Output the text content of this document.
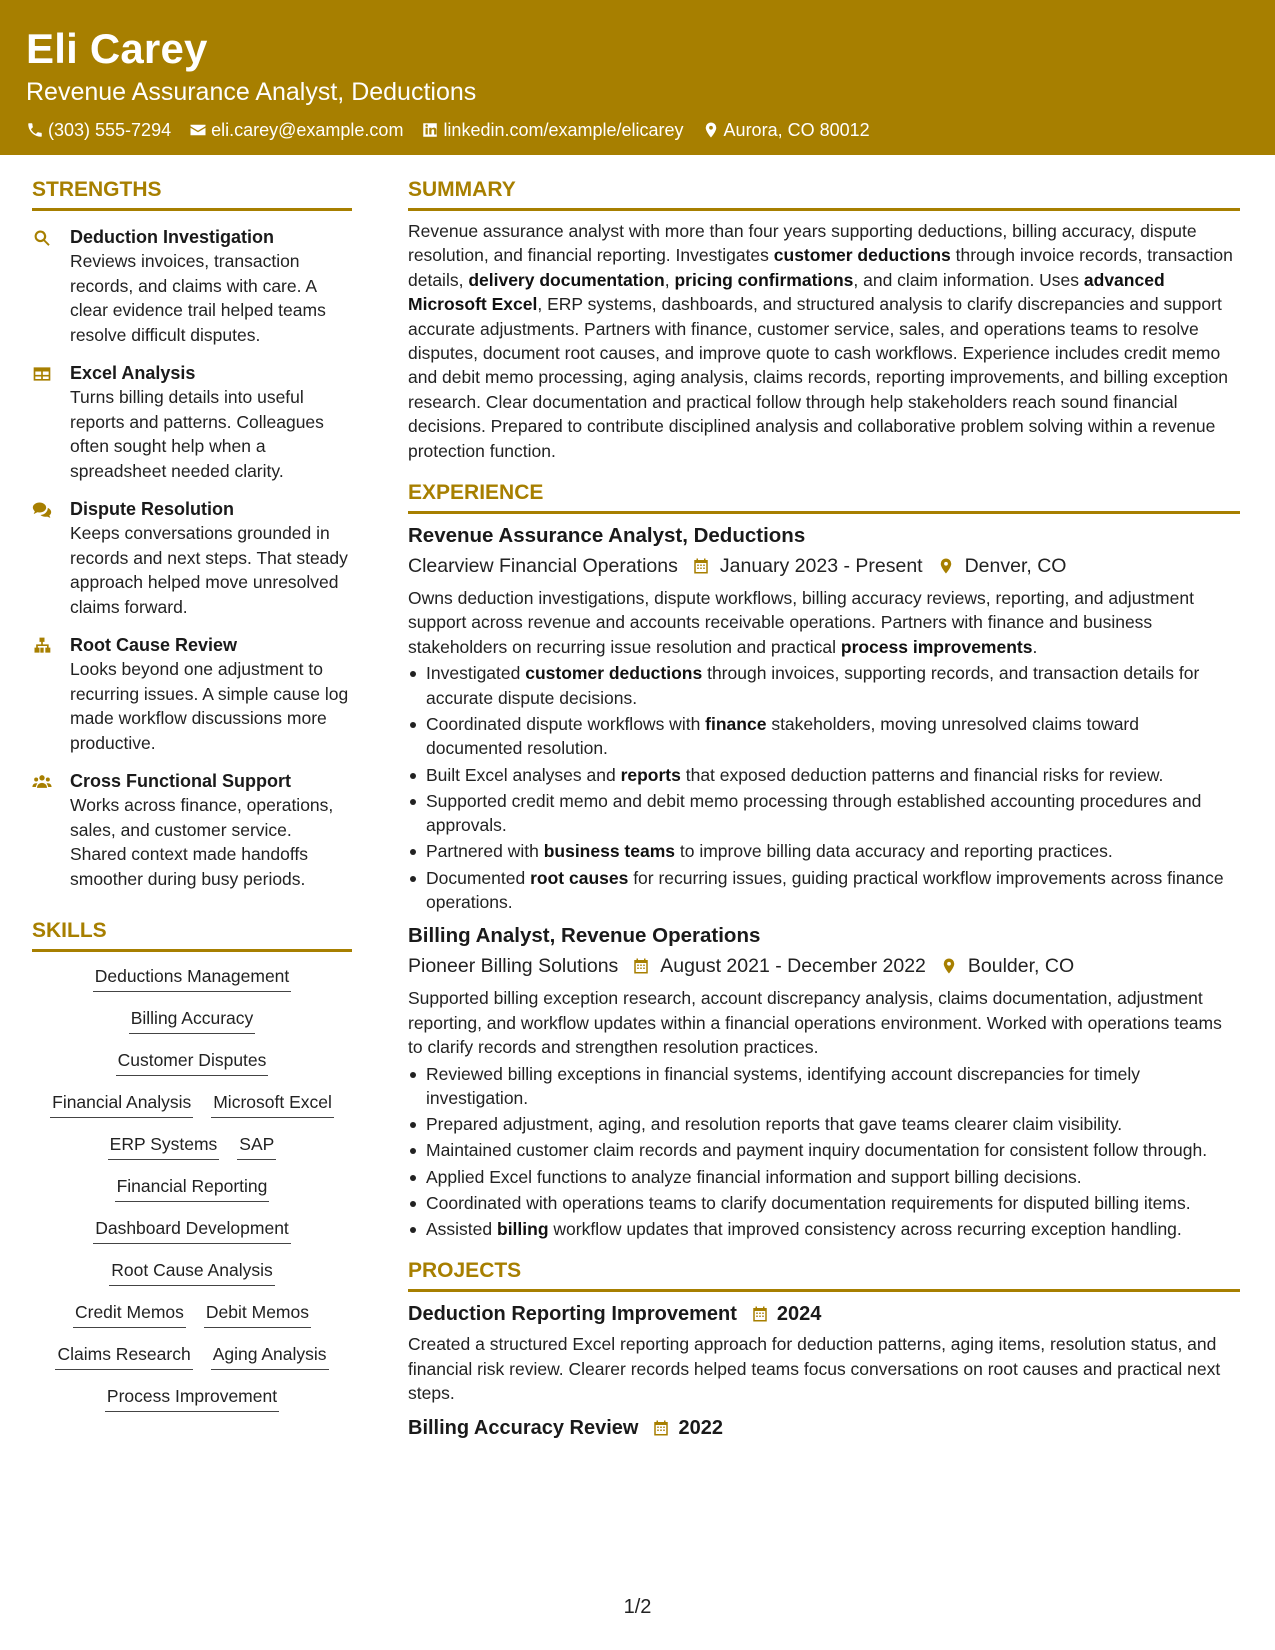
Eli Carey
Revenue Assurance Analyst, Deductions
(303) 555-7294 eli.carey@example.com linkedin.com/example/elicarey Aurora, CO 80012
STRENGTHS
Deduction Investigation
Reviews invoices, transaction records, and claims with care. A clear evidence trail helped teams resolve difficult disputes.
Excel Analysis
Turns billing details into useful reports and patterns. Colleagues often sought help when a spreadsheet needed clarity.
Dispute Resolution
Keeps conversations grounded in records and next steps. That steady approach helped move unresolved claims forward.
Root Cause Review
Looks beyond one adjustment to recurring issues. A simple cause log made workflow discussions more productive.
Cross Functional Support
Works across finance, operations, sales, and customer service. Shared context made handoffs smoother during busy periods.
SKILLS
Deductions Management
Billing Accuracy
Customer Disputes
Financial Analysis Microsoft Excel
ERP Systems SAP
Financial Reporting
Dashboard Development
Root Cause Analysis
Credit Memos Debit Memos
Claims Research Aging Analysis
Process Improvement
SUMMARY
Revenue assurance analyst with more than four years supporting deductions, billing accuracy, dispute resolution, and financial reporting. Investigates customer deductions through invoice records, transaction details, delivery documentation, pricing confirmations, and claim information. Uses advanced Microsoft Excel, ERP systems, dashboards, and structured analysis to clarify discrepancies and support accurate adjustments. Partners with finance, customer service, sales, and operations teams to resolve disputes, document root causes, and improve quote to cash workflows. Experience includes credit memo and debit memo processing, aging analysis, claims records, reporting improvements, and billing exception research. Clear documentation and practical follow through help stakeholders reach sound financial decisions. Prepared to contribute disciplined analysis and collaborative problem solving within a revenue protection function.
EXPERIENCE
Revenue Assurance Analyst, Deductions
Clearview Financial Operations January 2023 - Present Denver, CO
Owns deduction investigations, dispute workflows, billing accuracy reviews, reporting, and adjustment support across revenue and accounts receivable operations. Partners with finance and business stakeholders on recurring issue resolution and practical process improvements.
Investigated customer deductions through invoices, supporting records, and transaction details for accurate dispute decisions.
Coordinated dispute workflows with finance stakeholders, moving unresolved claims toward documented resolution.
Built Excel analyses and reports that exposed deduction patterns and financial risks for review.
Supported credit memo and debit memo processing through established accounting procedures and approvals.
Partnered with business teams to improve billing data accuracy and reporting practices.
Documented root causes for recurring issues, guiding practical workflow improvements across finance operations.
Billing Analyst, Revenue Operations
Pioneer Billing Solutions August 2021 - December 2022 Boulder, CO
Supported billing exception research, account discrepancy analysis, claims documentation, adjustment reporting, and workflow updates within a financial operations environment. Worked with operations teams to clarify records and strengthen resolution practices.
Reviewed billing exceptions in financial systems, identifying account discrepancies for timely investigation.
Prepared adjustment, aging, and resolution reports that gave teams clearer claim visibility.
Maintained customer claim records and payment inquiry documentation for consistent follow through.
Applied Excel functions to analyze financial information and support billing decisions.
Coordinated with operations teams to clarify documentation requirements for disputed billing items.
Assisted billing workflow updates that improved consistency across recurring exception handling.
PROJECTS
Deduction Reporting Improvement 2024
Created a structured Excel reporting approach for deduction patterns, aging items, resolution status, and financial risk review. Clearer records helped teams focus conversations on root causes and practical next steps.
Billing Accuracy Review 2022
1/2
